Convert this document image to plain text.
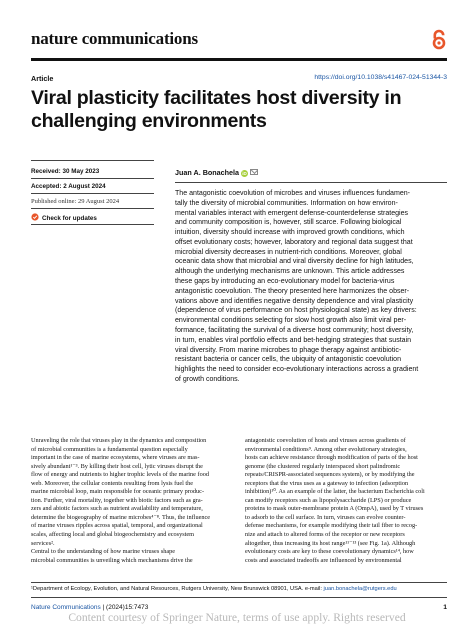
nature communications
Article	https://doi.org/10.1038/s41467-024-51344-3
Viral plasticity facilitates host diversity in
challenging environments
Received: 30 May 2023
Accepted: 2 August 2024
Published online: 29 August 2024
Check for updates
Juan A. Bonachela iD
The antagonistic coevolution of microbes and viruses influences fundamen-
tally the diversity of microbial communities. Information on how environ-
mental variables interact with emergent defense-counterdefense strategies
and community composition is, however, still scarce. Following biological
intuition, diversity should increase with improved growth conditions, which
offset evolutionary costs; however, laboratory and regional data suggest that
microbial diversity decreases in nutrient-rich conditions. Moreover, global
oceanic data show that microbial and viral diversity decline for high latitudes,
although the underlying mechanisms are unknown. This article addresses
these gaps by introducing an eco-evolutionary model for bacteria-virus
antagonistic coevolution. The theory presented here harmonizes the obser-
vations above and identifies negative density dependence and viral plasticity
(dependence of virus performance on host physiological state) as key drivers:
environmental conditions selecting for slow host growth also limit viral per-
formance, facilitating the survival of a diverse host community; host diversity,
in turn, enables viral portfolio effects and bet-hedging strategies that sustain
viral diversity. From marine microbes to phage therapy against antibiotic-
resistant bacteria or cancer cells, the ubiquity of antagonistic coevolution
highlights the need to consider eco-evolutionary interactions across a gradient
of growth conditions.
Unraveling the role that viruses play in the dynamics and composition
of microbial communities is a fundamental question especially
important in the case of marine ecosystems, where viruses are mas-
sively abundant¹⁻³. By killing their host cell, lytic viruses disrupt the
flow of energy and nutrients to higher trophic levels of the marine food
web. Moreover, the cellular contents resulting from lysis fuel the
marine microbial loop, main responsible for oceanic primary produc-
tion. Further, viral mortality, together with biotic factors such as gra-
zers and abiotic factors such as nutrient availability and temperature,
determine the biogeography of marine microbes⁴⁻⁸. Thus, the influence
of marine viruses ripples across spatial, temporal, and organizational
scales, affecting local and global biogeochemistry and ecosystem
services².
Central to the understanding of how marine viruses shape
microbial communities is unveiling which mechanisms drive the
antagonistic coevolution of hosts and viruses across gradients of
environmental conditions⁹. Among other evolutionary strategies,
hosts can achieve resistance through modification of parts of the host
genome (the clustered regularly interspaced short palindromic
repeats/CRISPR-associated sequences system), or by modifying the
receptors that the virus uses as a gateway to infection (adsorption
inhibition)¹⁰. As an example of the latter, the bacterium Escherichia coli
can modify receptors such as lipopolysaccharide (LPS) or produce
proteins to mask outer-membrane protein A (OmpA), used by T viruses
to adsorb to the cell surface. In turn, viruses can evolve counter-
defense mechanisms, for example modifying their tail fiber to recog-
nize and attach to altered forms of the receptor or new receptors
altogether, thus increasing its host range¹¹⁻¹³ (see Fig. 1a). Although
evolutionary costs are key to these coevolutionary dynamics¹⁴, how
costs and associated tradeoffs are influenced by environmental
¹Department of Ecology, Evolution, and Natural Resources, Rutgers University, New Brunswick 08901, USA. e-mail: juan.bonachela@rutgers.edu
Nature Communications | (2024)15:7473	1
Content courtesy of Springer Nature, terms of use apply. Rights reserved
